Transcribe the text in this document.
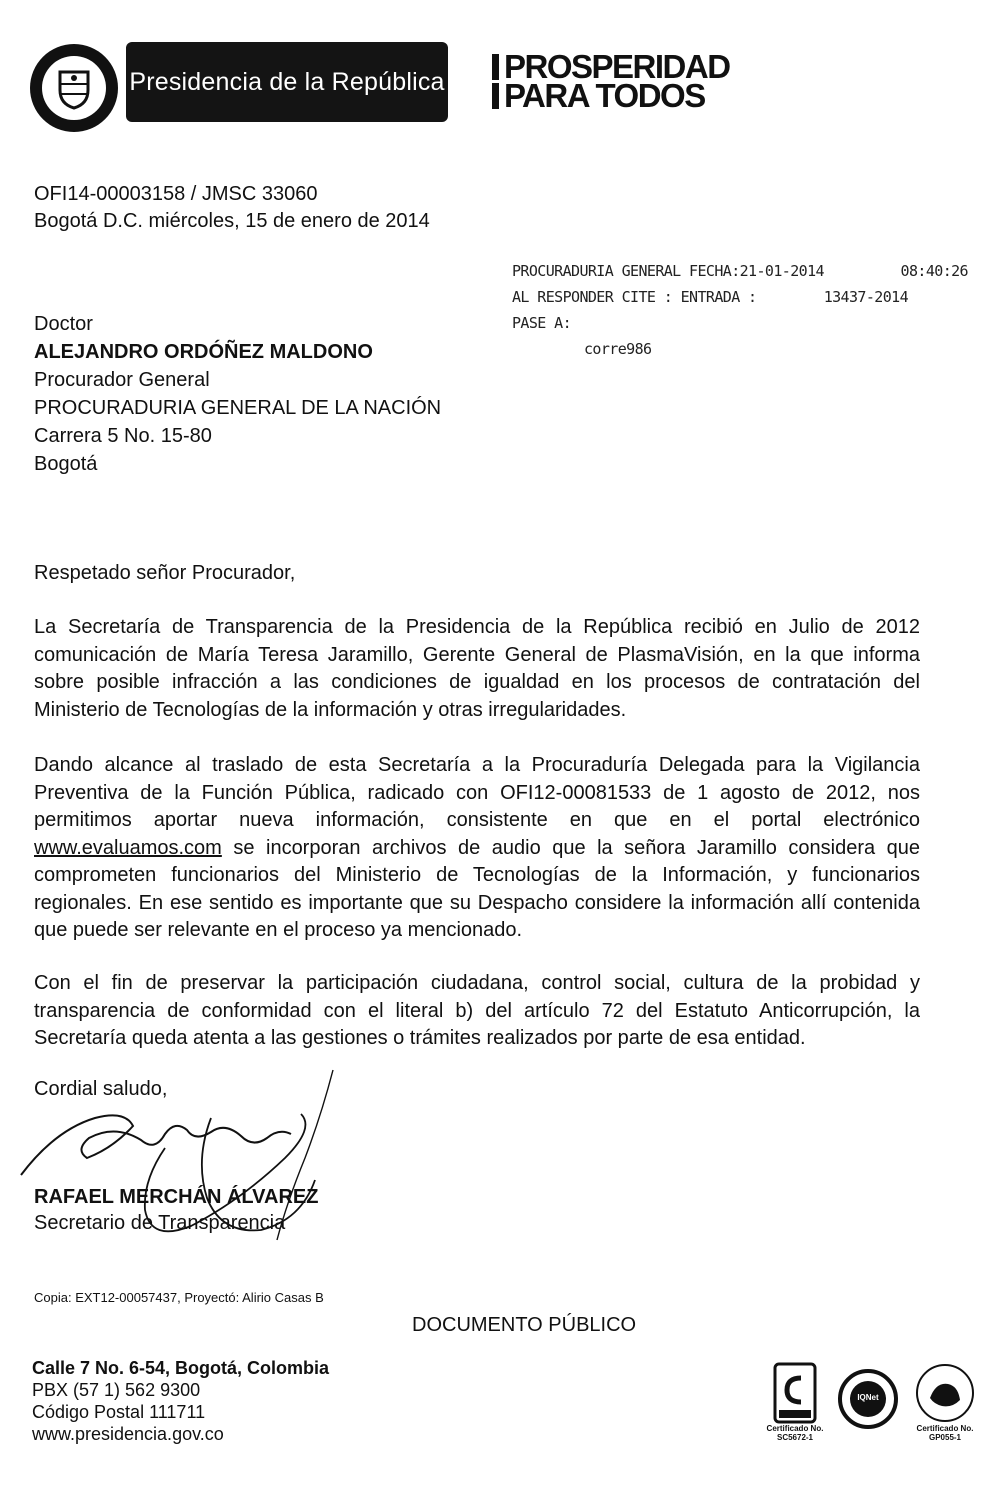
Presidencia de la República PROSPERIDAD
PARA TODOS
OFI14-00003158 / JMSC 33060
Bogotá D.C. miércoles, 15 de enero de 2014
PROCURADURIA GENERAL FECHA:21-01-2014	08:40:26
AL RESPONDER CITE : ENTRADA :	13437-2014
PASE A:
corre986
Doctor
ALEJANDRO ORDÓÑEZ MALDONO
Procurador General
PROCURADURIA GENERAL DE LA NACIÓN
Carrera 5 No. 15-80
Bogotá
Respetado señor Procurador,
La Secretaría de Transparencia de la Presidencia de la República recibió en Julio de 2012 comunicación de María Teresa Jaramillo, Gerente General de PlasmaVisión, en la que informa sobre posible infracción a las condiciones de igualdad en los procesos de contratación del Ministerio de Tecnologías de la información y otras irregularidades.
Dando alcance al traslado de esta Secretaría a la Procuraduría Delegada para la Vigilancia Preventiva de la Función Pública, radicado con OFI12-00081533 de 1 agosto de 2012, nos permitimos aportar nueva información, consistente en que en el portal electrónico www.evaluamos.com se incorporan archivos de audio que la señora Jaramillo considera que comprometen funcionarios del Ministerio de Tecnologías de la Información, y funcionarios regionales. En ese sentido es importante que su Despacho considere la información allí contenida que puede ser relevante en el proceso ya mencionado.
Con el fin de preservar la participación ciudadana, control social, cultura de la probidad y transparencia de conformidad con el literal b) del artículo 72 del Estatuto Anticorrupción, la Secretaría queda atenta a las gestiones o trámites realizados por parte de esa entidad.
Cordial saludo,
RAFAEL MERCHÁN ÁLVAREZ
Secretario de Transparencia
Copia: EXT12-00057437, Proyectó: Alirio Casas B
DOCUMENTO PÚBLICO
Calle 7 No. 6-54, Bogotá, Colombia
PBX (57 1) 562 9300
Código Postal 111711
www.presidencia.gov.co	Certificado No. SC5672-1
IQNet
Certificado No. GP055-1
